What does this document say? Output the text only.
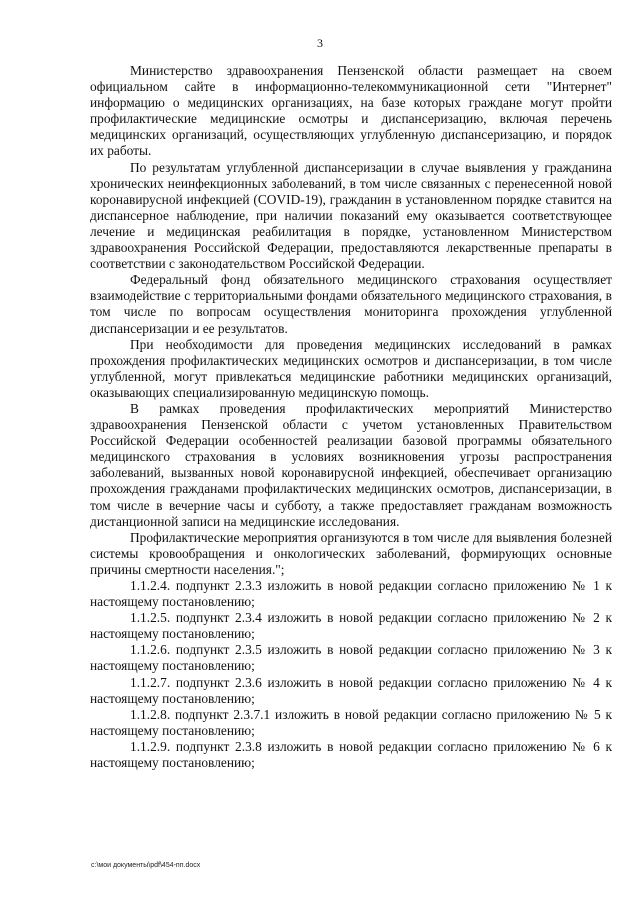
3

Министерство здравоохранения Пензенской области размещает на своем официальном сайте в информационно-телекоммуникационной сети "Интернет" информацию о медицинских организациях, на базе которых граждане могут пройти профилактические медицинские осмотры и диспансеризацию, включая перечень медицинских организаций, осуществляющих углубленную диспансеризацию, и порядок их работы.

По результатам углубленной диспансеризации в случае выявления у гражданина хронических неинфекционных заболеваний, в том числе связанных с перенесенной новой коронавирусной инфекцией (COVID-19), гражданин в установленном порядке ставится на диспансерное наблюдение, при наличии показаний ему оказывается соответствующее лечение и медицинская реабилитация в порядке, установленном Министерством здравоохранения Российской Федерации, предоставляются лекарственные препараты в соответствии с законодательством Российской Федерации.

Федеральный фонд обязательного медицинского страхования осуществляет взаимодействие с территориальными фондами обязательного медицинского страхования, в том числе по вопросам осуществления мониторинга прохождения углубленной диспансеризации и ее результатов.

При необходимости для проведения медицинских исследований в рамках прохождения профилактических медицинских осмотров и диспансеризации, в том числе углубленной, могут привлекаться медицинские работники медицинских организаций, оказывающих специализированную медицинскую помощь.

В рамках проведения профилактических мероприятий Министерство здравоохранения Пензенской области с учетом установленных Правительством Российской Федерации особенностей реализации базовой программы обязательного медицинского страхования в условиях возникновения угрозы распространения заболеваний, вызванных новой коронавирусной инфекцией, обеспечивает организацию прохождения гражданами профилактических медицинских осмотров, диспансеризации, в том числе в вечерние часы и субботу, а также предоставляет гражданам возможность дистанционной записи на медицинские исследования.

Профилактические мероприятия организуются в том числе для выявления болезней системы кровообращения и онкологических заболеваний, формирующих основные причины смертности населения.";

1.1.2.4. подпункт 2.3.3 изложить в новой редакции согласно приложению № 1 к настоящему постановлению;

1.1.2.5. подпункт 2.3.4 изложить в новой редакции согласно приложению № 2 к настоящему постановлению;

1.1.2.6. подпункт 2.3.5 изложить в новой редакции согласно приложению № 3 к настоящему постановлению;

1.1.2.7. подпункт 2.3.6 изложить в новой редакции согласно приложению № 4 к настоящему постановлению;

1.1.2.8. подпункт 2.3.7.1 изложить в новой редакции согласно приложению № 5 к настоящему постановлению;

1.1.2.9. подпункт 2.3.8 изложить в новой редакции согласно приложению № 6 к настоящему постановлению;

c:\мои документы\pdf\454-пп.docx
